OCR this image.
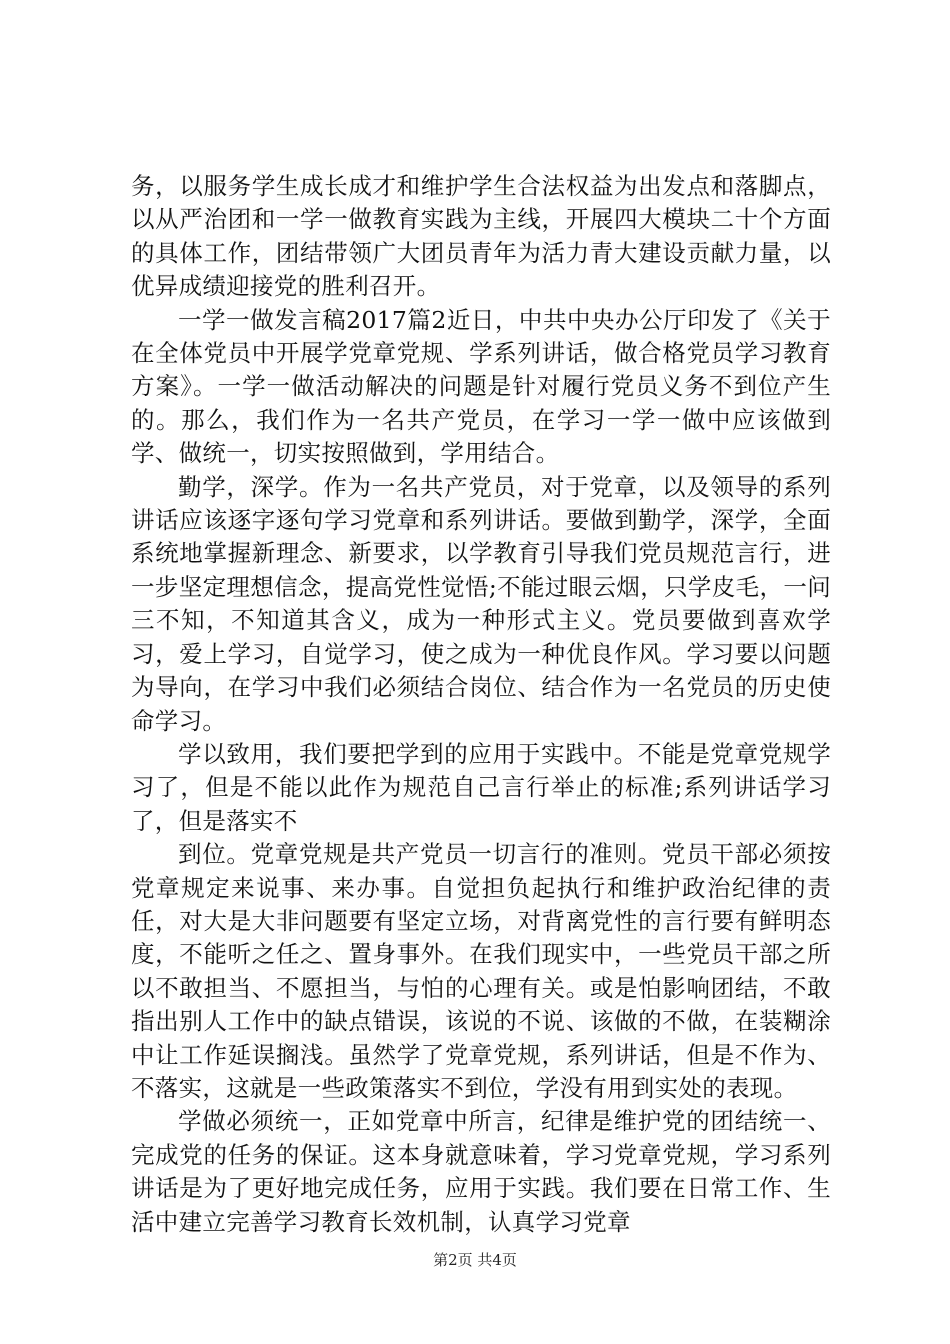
务，以服务学生成长成才和维护学生合法权益为出发点和落脚点，以从严治团和一学一做教育实践为主线，开展四大模块二十个方面的具体工作，团结带领广大团员青年为活力青大建设贡献力量，以优异成绩迎接党的胜利召开。

一学一做发言稿2017篇2近日，中共中央办公厅印发了《关于在全体党员中开展学党章党规、学系列讲话，做合格党员学习教育方案》。一学一做活动解决的问题是针对履行党员义务不到位产生的。那么，我们作为一名共产党员，在学习一学一做中应该做到学、做统一，切实按照做到，学用结合。

勤学，深学。作为一名共产党员，对于党章，以及领导的系列讲话应该逐字逐句学习党章和系列讲话。要做到勤学，深学，全面系统地掌握新理念、新要求，以学教育引导我们党员规范言行，进一步坚定理想信念，提高党性觉悟;不能过眼云烟，只学皮毛，一问三不知，不知道其含义，成为一种形式主义。党员要做到喜欢学习，爱上学习，自觉学习，使之成为一种优良作风。学习要以问题为导向，在学习中我们必须结合岗位、结合作为一名党员的历史使命学习。

学以致用，我们要把学到的应用于实践中。不能是党章党规学习了，但是不能以此作为规范自己言行举止的标准;系列讲话学习了，但是落实不

到位。党章党规是共产党员一切言行的准则。党员干部必须按党章规定来说事、来办事。自觉担负起执行和维护政治纪律的责任，对大是大非问题要有坚定立场，对背离党性的言行要有鲜明态度，不能听之任之、置身事外。在我们现实中，一些党员干部之所以不敢担当、不愿担当，与怕的心理有关。或是怕影响团结，不敢指出别人工作中的缺点错误，该说的不说、该做的不做，在装糊涂中让工作延误搁浅。虽然学了党章党规，系列讲话，但是不作为、不落实，这就是一些政策落实不到位，学没有用到实处的表现。

学做必须统一，正如党章中所言，纪律是维护党的团结统一、完成党的任务的保证。这本身就意味着，学习党章党规，学习系列讲话是为了更好地完成任务，应用于实践。我们要在日常工作、生活中建立完善学习教育长效机制，认真学习党章

第2页 共4页
